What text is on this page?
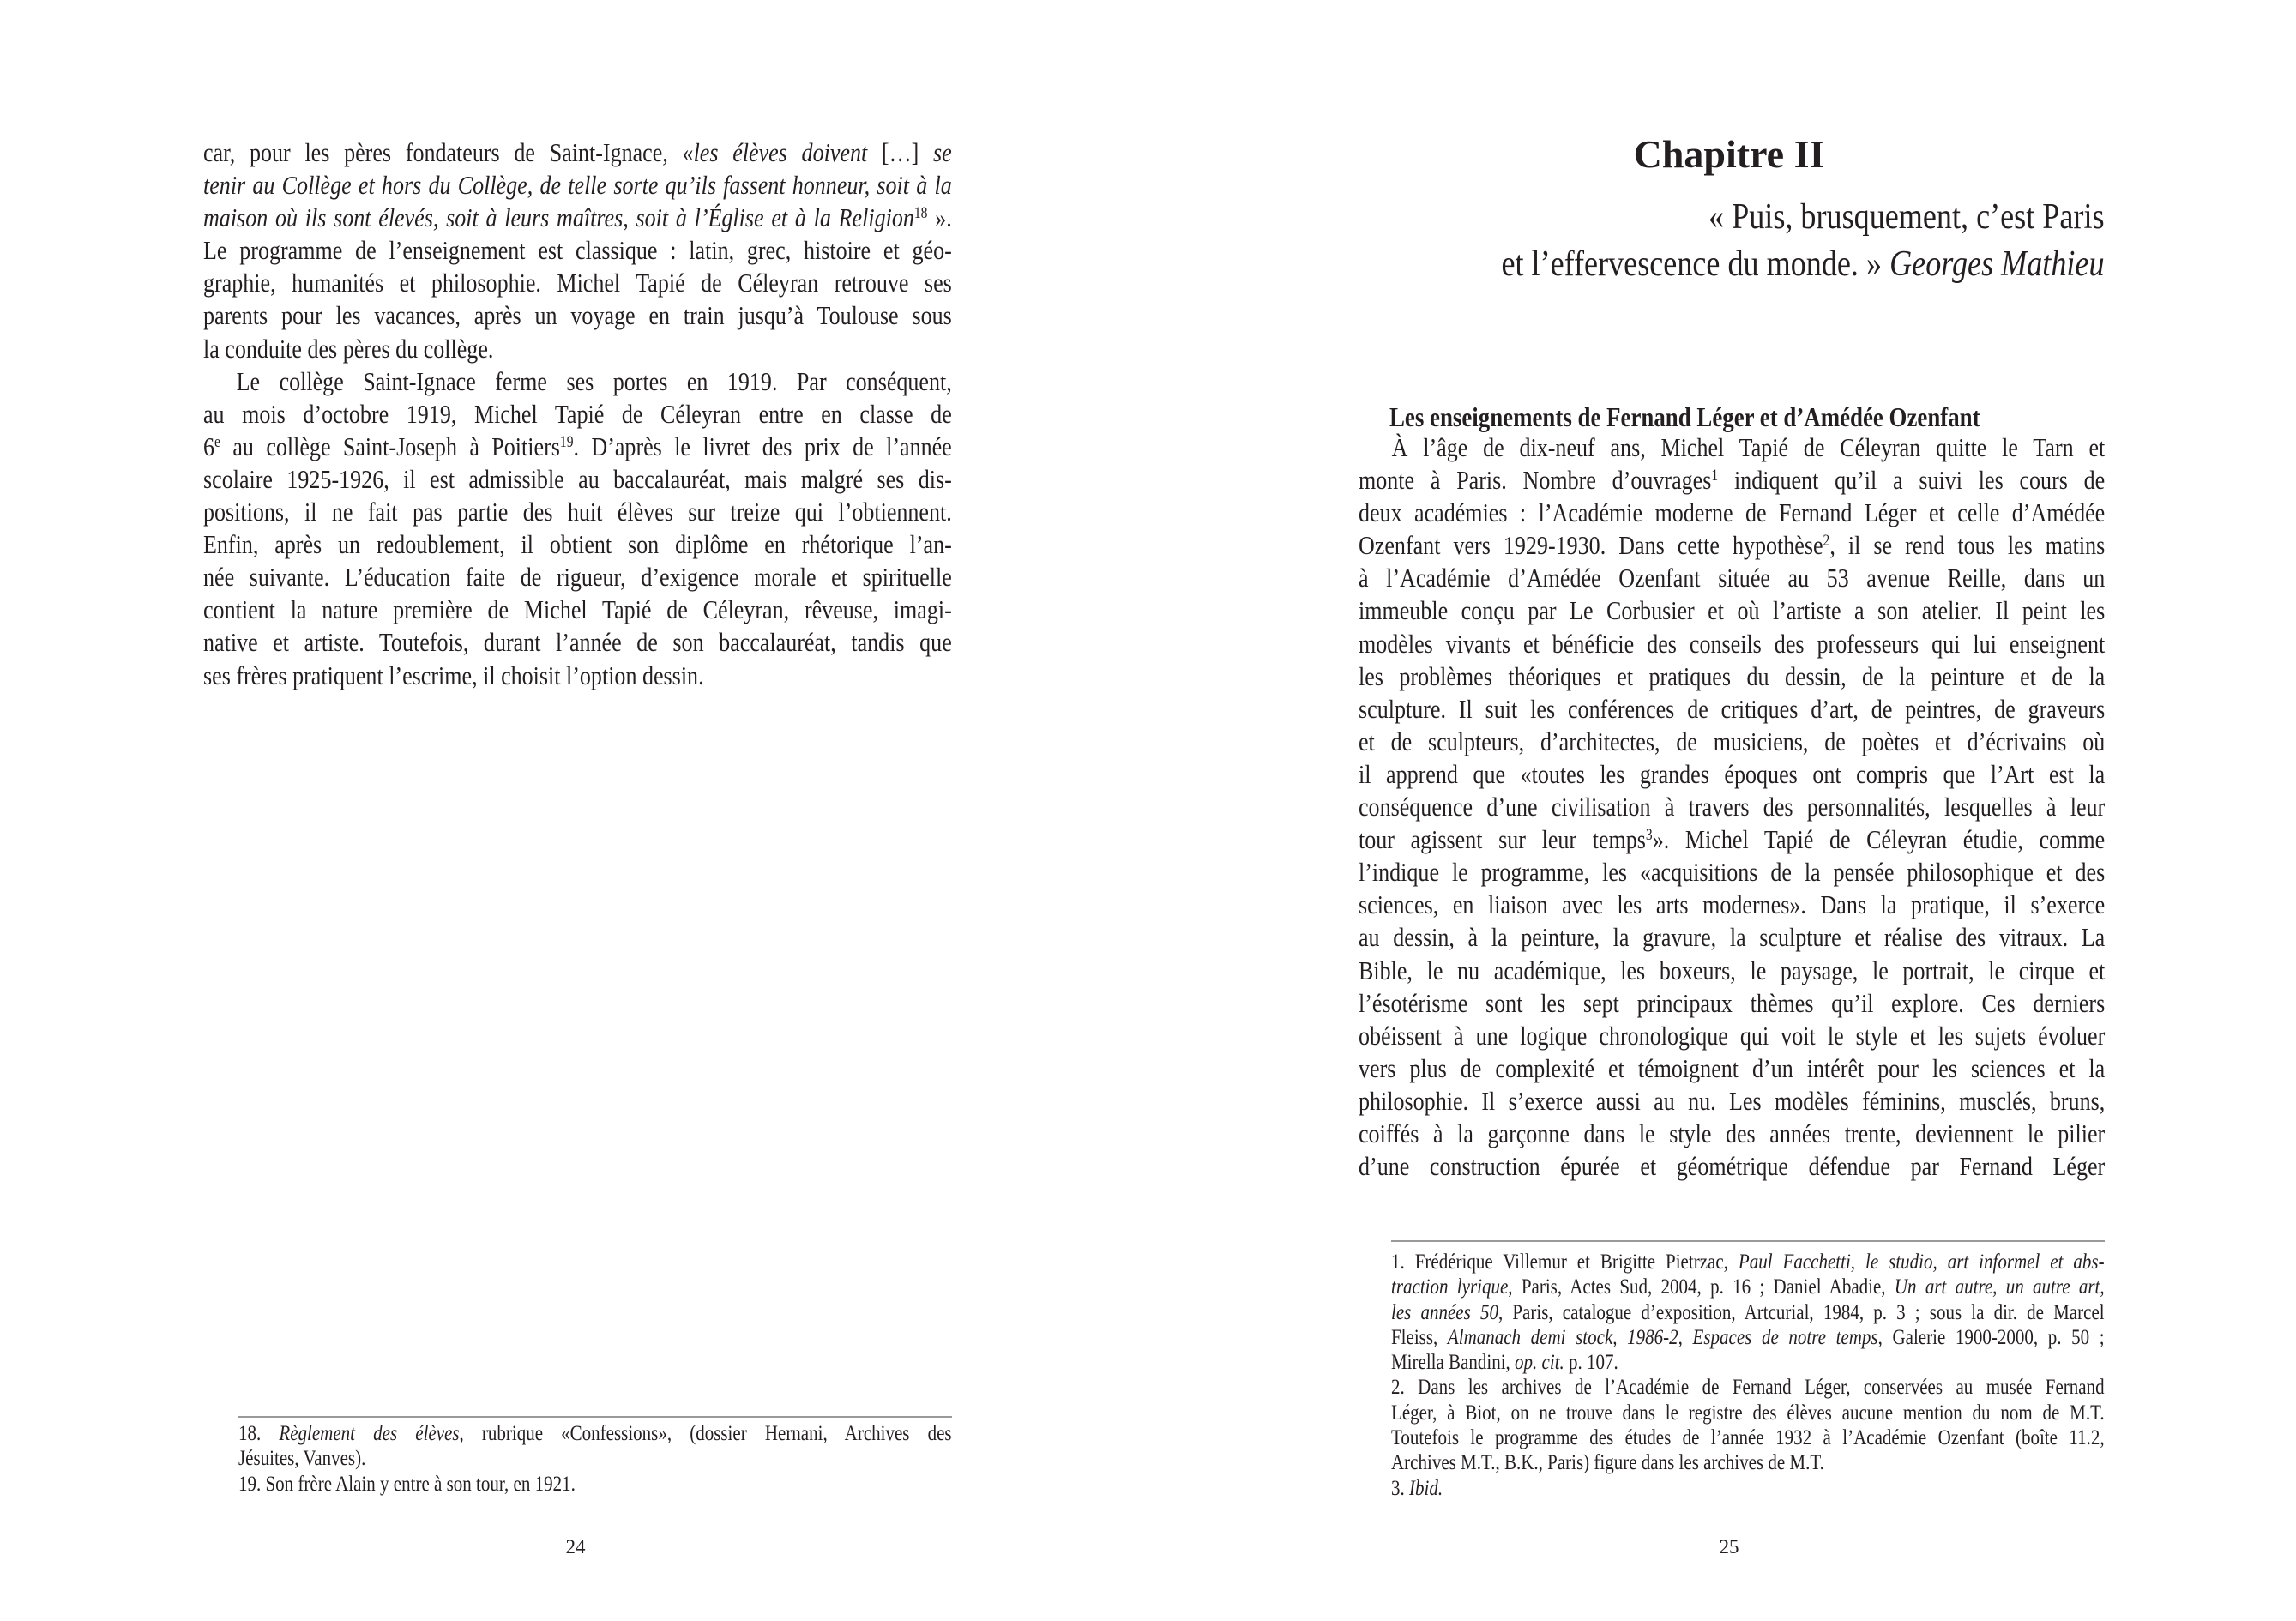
car, pour les pères fondateurs de Saint-Ignace, «les élèves doivent […] se
tenir au Collège et hors du Collège, de telle sorte qu’ils fassent honneur, soit à la
maison où ils sont élevés, soit à leurs maîtres, soit à l’Église et à la Religion$^{18}$ ».
Le programme de l’enseignement est classique : latin, grec, histoire et géo-
graphie, humanités et philosophie. Michel Tapié de Céleyran retrouve ses
parents pour les vacances, après un voyage en train jusqu’à Toulouse sous
la conduite des pères du collège.
Le collège Saint-Ignace ferme ses portes en 1919. Par conséquent,
au mois d’octobre 1919, Michel Tapié de Céleyran entre en classe de
6e au collège Saint-Joseph à Poitiers$^{19}$. D’après le livret des prix de l’année
scolaire 1925-1926, il est admissible au baccalauréat, mais malgré ses dis-
positions, il ne fait pas partie des huit élèves sur treize qui l’obtiennent.
Enfin, après un redoublement, il obtient son diplôme en rhétorique l’an-
née suivante. L’éducation faite de rigueur, d’exigence morale et spirituelle
contient la nature première de Michel Tapié de Céleyran, rêveuse, imagi-
native et artiste. Toutefois, durant l’année de son baccalauréat, tandis que
ses frères pratiquent l’escrime, il choisit l’option dessin.
18. Règlement des élèves, rubrique «Confessions», (dossier Hernani, Archives des
Jésuites, Vanves).
19. Son frère Alain y entre à son tour, en 1921.
24
Chapitre II
« Puis, brusquement, c’est Paris
et l’effervescence du monde. » Georges Mathieu
Les enseignements de Fernand Léger et d’Amédée Ozenfant
À l’âge de dix-neuf ans, Michel Tapié de Céleyran quitte le Tarn et
monte à Paris. Nombre d’ouvrages$^1$ indiquent qu’il a suivi les cours de
deux académies : l’Académie moderne de Fernand Léger et celle d’Amédée
Ozenfant vers 1929-1930. Dans cette hypothèse$^2$, il se rend tous les matins
à l’Académie d’Amédée Ozenfant située au 53 avenue Reille, dans un
immeuble conçu par Le Corbusier et où l’artiste a son atelier. Il peint les
modèles vivants et bénéficie des conseils des professeurs qui lui enseignent
les problèmes théoriques et pratiques du dessin, de la peinture et de la
sculpture. Il suit les conférences de critiques d’art, de peintres, de graveurs
et de sculpteurs, d’architectes, de musiciens, de poètes et d’écrivains où
il apprend que «toutes les grandes époques ont compris que l’Art est la
conséquence d’une civilisation à travers des personnalités, lesquelles à leur
tour agissent sur leur temps$^3$». Michel Tapié de Céleyran étudie, comme
l’indique le programme, les «acquisitions de la pensée philosophique et des
sciences, en liaison avec les arts modernes». Dans la pratique, il s’exerce
au dessin, à la peinture, la gravure, la sculpture et réalise des vitraux. La
Bible, le nu académique, les boxeurs, le paysage, le portrait, le cirque et
l’ésotérisme sont les sept principaux thèmes qu’il explore. Ces derniers
obéissent à une logique chronologique qui voit le style et les sujets évoluer
vers plus de complexité et témoignent d’un intérêt pour les sciences et la
philosophie. Il s’exerce aussi au nu. Les modèles féminins, musclés, bruns,
coiffés à la garçonne dans le style des années trente, deviennent le pilier
d’une construction épurée et géométrique défendue par Fernand Léger
1. Frédérique Villemur et Brigitte Pietrzac, Paul Facchetti, le studio, art informel et abs-
traction lyrique, Paris, Actes Sud, 2004, p. 16 ; Daniel Abadie, Un art autre, un autre art,
les années 50, Paris, catalogue d’exposition, Artcurial, 1984, p. 3 ; sous la dir. de Marcel
Fleiss, Almanach demi stock, 1986-2, Espaces de notre temps, Galerie 1900-2000, p. 50 ;
Mirella Bandini, op. cit. p. 107.
2. Dans les archives de l’Académie de Fernand Léger, conservées au musée Fernand
Léger, à Biot, on ne trouve dans le registre des élèves aucune mention du nom de M.T.
Toutefois le programme des études de l’année 1932 à l’Académie Ozenfant (boîte 11.2,
Archives M.T., B.K., Paris) figure dans les archives de M.T.
3. Ibid.
25
